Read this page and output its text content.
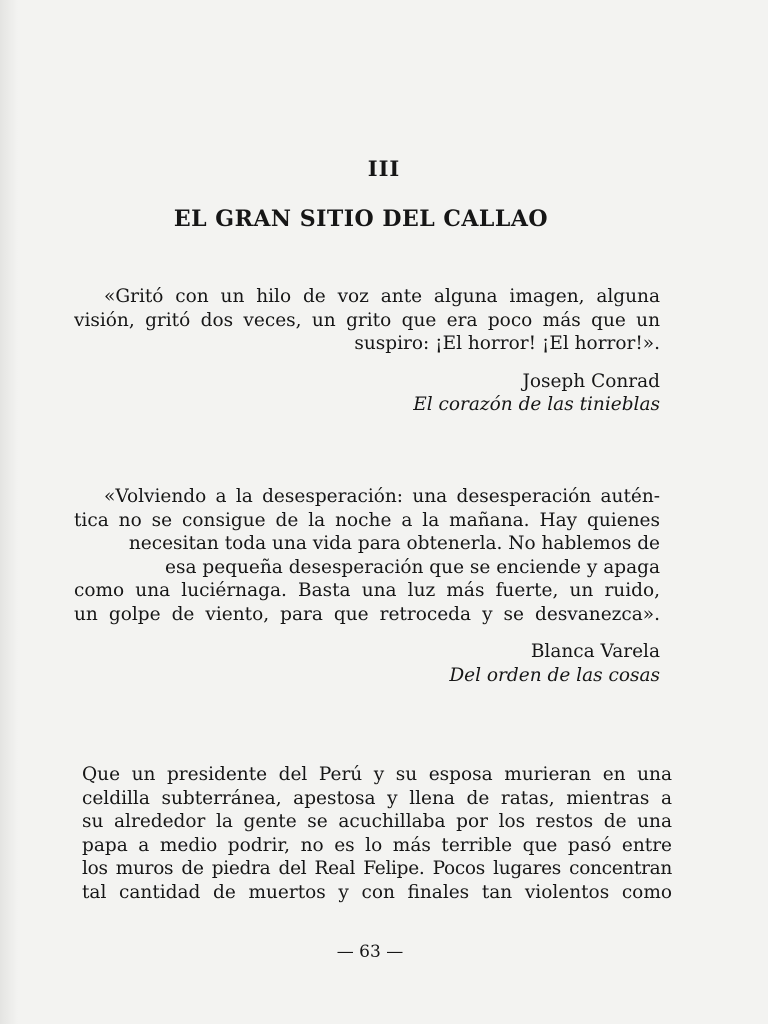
III
EL GRAN SITIO DEL CALLAO
«Gritó con un hilo de voz ante alguna imagen, alguna
visión, gritó dos veces, un grito que era poco más que un
suspiro: ¡El horror! ¡El horror!».
Joseph Conrad
El corazón de las tinieblas
«Volviendo a la desesperación: una desesperación autén-
tica no se consigue de la noche a la mañana. Hay quienes
necesitan toda una vida para obtenerla. No hablemos de
esa pequeña desesperación que se enciende y apaga
como una luciérnaga. Basta una luz más fuerte, un ruido,
un golpe de viento, para que retroceda y se desvanezca».
Blanca Varela
Del orden de las cosas
Que un presidente del Perú y su esposa murieran en una
celdilla subterránea, apestosa y llena de ratas, mientras a
su alrededor la gente se acuchillaba por los restos de una
papa a medio podrir, no es lo más terrible que pasó entre
los muros de piedra del Real Felipe. Pocos lugares concentran
tal cantidad de muertos y con finales tan violentos como
— 63 —
